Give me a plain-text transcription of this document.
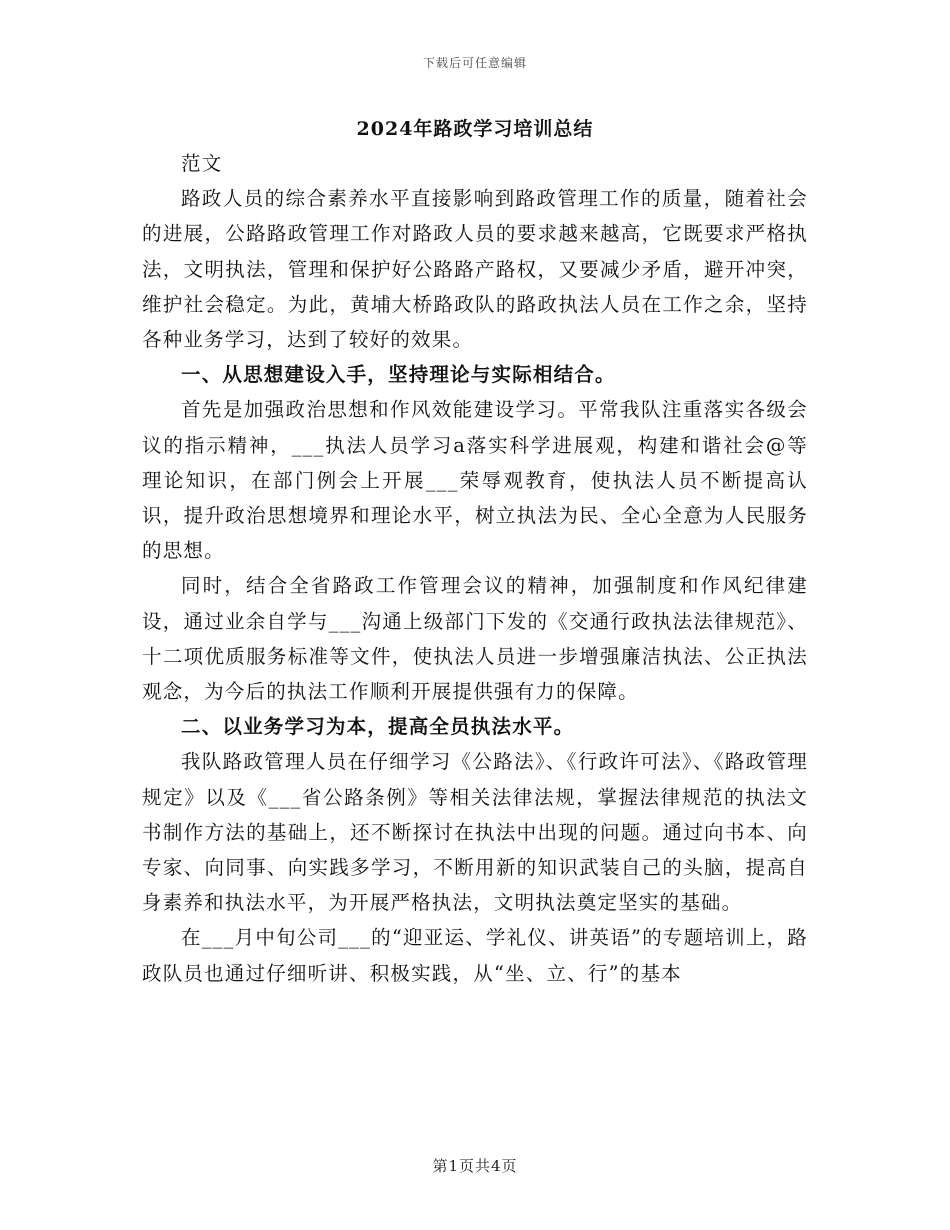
下载后可任意编辑
2024年路政学习培训总结

范文

路政人员的综合素养水平直接影响到路政管理工作的质量，随着社会的进展，公路路政管理工作对路政人员的要求越来越高，它既要求严格执法，文明执法，管理和保护好公路路产路权，又要减少矛盾，避开冲突，维护社会稳定。为此，黄埔大桥路政队的路政执法人员在工作之余，坚持各种业务学习，达到了较好的效果。

一、从思想建设入手，坚持理论与实际相结合。

首先是加强政治思想和作风效能建设学习。平常我队注重落实各级会议的指示精神，___执法人员学习a落实科学进展观，构建和谐社会@等理论知识，在部门例会上开展___荣辱观教育，使执法人员不断提高认识，提升政治思想境界和理论水平，树立执法为民、全心全意为人民服务的思想。

同时，结合全省路政工作管理会议的精神，加强制度和作风纪律建设，通过业余自学与___沟通上级部门下发的《交通行政执法法律规范》、十二项优质服务标准等文件，使执法人员进一步增强廉洁执法、公正执法观念，为今后的执法工作顺利开展提供强有力的保障。

二、以业务学习为本，提高全员执法水平。

我队路政管理人员在仔细学习《公路法》、《行政许可法》、《路政管理规定》以及《___省公路条例》等相关法律法规，掌握法律规范的执法文书制作方法的基础上，还不断探讨在执法中出现的问题。通过向书本、向专家、向同事、向实践多学习，不断用新的知识武装自己的头脑，提高自身素养和执法水平，为开展严格执法，文明执法奠定坚实的基础。

在___月中旬公司___的“迎亚运、学礼仪、讲英语”的专题培训上，路政队员也通过仔细听讲、积极实践，从“坐、立、行”的基本

第1页共4页
